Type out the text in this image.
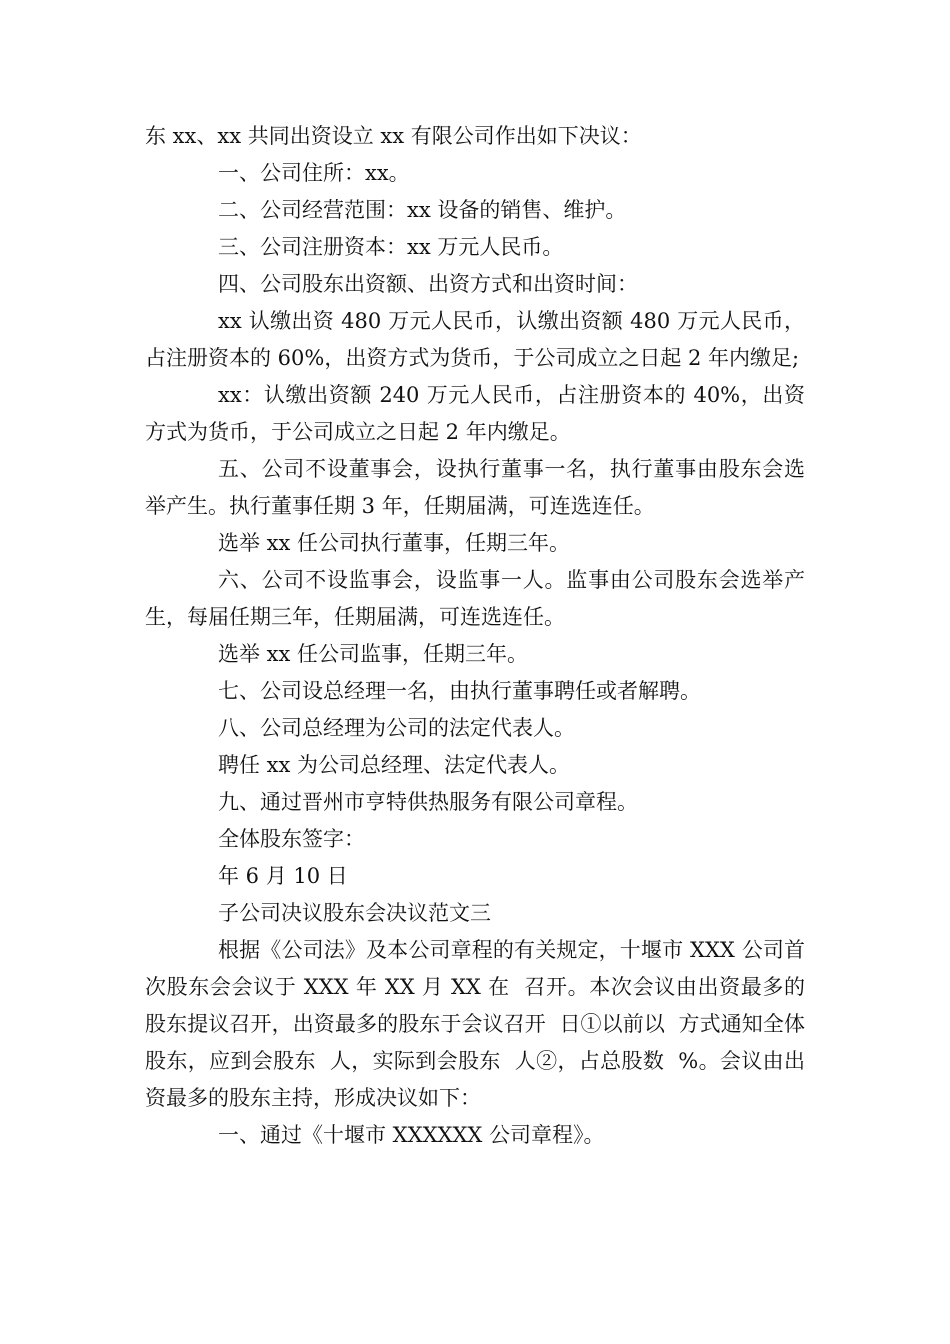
东 xx、xx 共同出资设立 xx 有限公司作出如下决议：

一、公司住所：xx。

二、公司经营范围：xx 设备的销售、维护。

三、公司注册资本：xx 万元人民币。

四、公司股东出资额、出资方式和出资时间：

xx 认缴出资 480 万元人民币，认缴出资额 480 万元人民币，占注册资本的 60%，出资方式为货币，于公司成立之日起 2 年内缴足;

xx：认缴出资额 240 万元人民币，占注册资本的 40%，出资方式为货币，于公司成立之日起 2 年内缴足。

五、公司不设董事会，设执行董事一名，执行董事由股东会选举产生。执行董事任期 3 年，任期届满，可连选连任。

选举 xx 任公司执行董事，任期三年。

六、公司不设监事会，设监事一人。监事由公司股东会选举产生，每届任期三年，任期届满，可连选连任。

选举 xx 任公司监事，任期三年。

七、公司设总经理一名，由执行董事聘任或者解聘。

八、公司总经理为公司的法定代表人。

聘任 xx 为公司总经理、法定代表人。

九、通过晋州市亨特供热服务有限公司章程。

全体股东签字：

年 6 月 10 日

子公司决议股东会决议范文三

根据《公司法》及本公司章程的有关规定，十堰市 XXX 公司首次股东会会议于 XXX 年 XX 月 XX 在  召开。本次会议由出资最多的股东提议召开，出资最多的股东于会议召开  日①以前以  方式通知全体股东，应到会股东  人，实际到会股东  人②，占总股数  %。会议由出资最多的股东主持，形成决议如下：

一、通过《十堰市 XXXXXX 公司章程》。
